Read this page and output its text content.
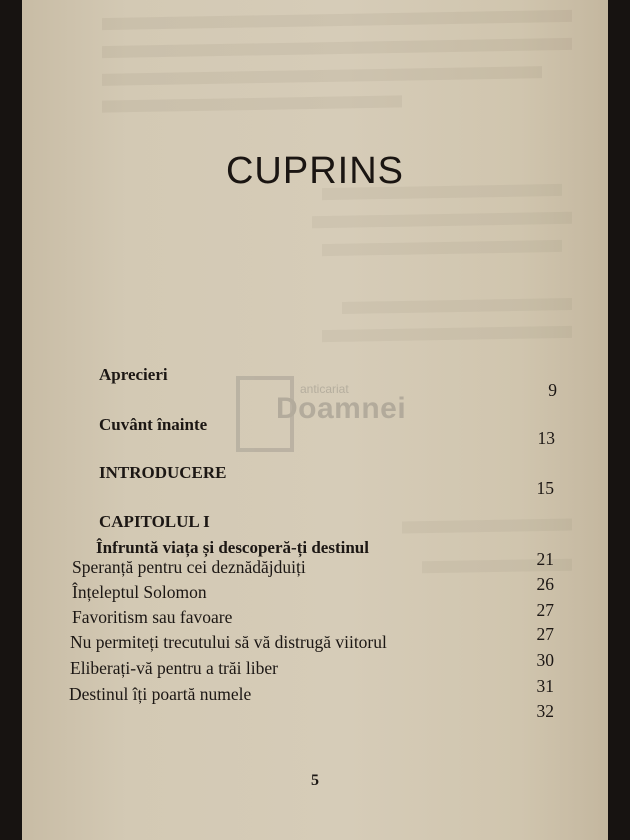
CUPRINS
Aprecieri
9
Cuvânt înainte
13
INTRODUCERE
15
CAPITOLUL I
Înfruntă viața și descoperă-ți destinul
21
Speranță pentru cei deznădăjduiți
26
Înțeleptul Solomon
27
Favoritism sau favoare
27
Nu permiteți trecutului să vă distrugă viitorul
30
Eliberați-vă pentru a trăi liber
31
Destinul îți poartă numele
32
anticariat
Doamnei
5
